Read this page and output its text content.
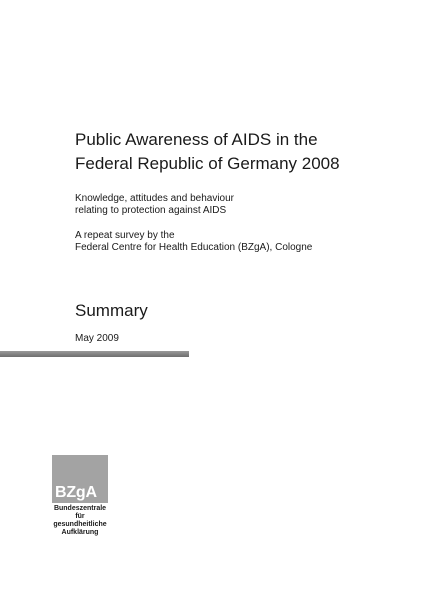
Public Awareness of AIDS in the
Federal Republic of Germany 2008
Knowledge, attitudes and behaviour
relating to protection against AIDS
A repeat survey by the
Federal Centre for Health Education (BZgA), Cologne
Summary
May 2009
BZgA
Bundeszentrale
für
gesundheitliche
Aufklärung
